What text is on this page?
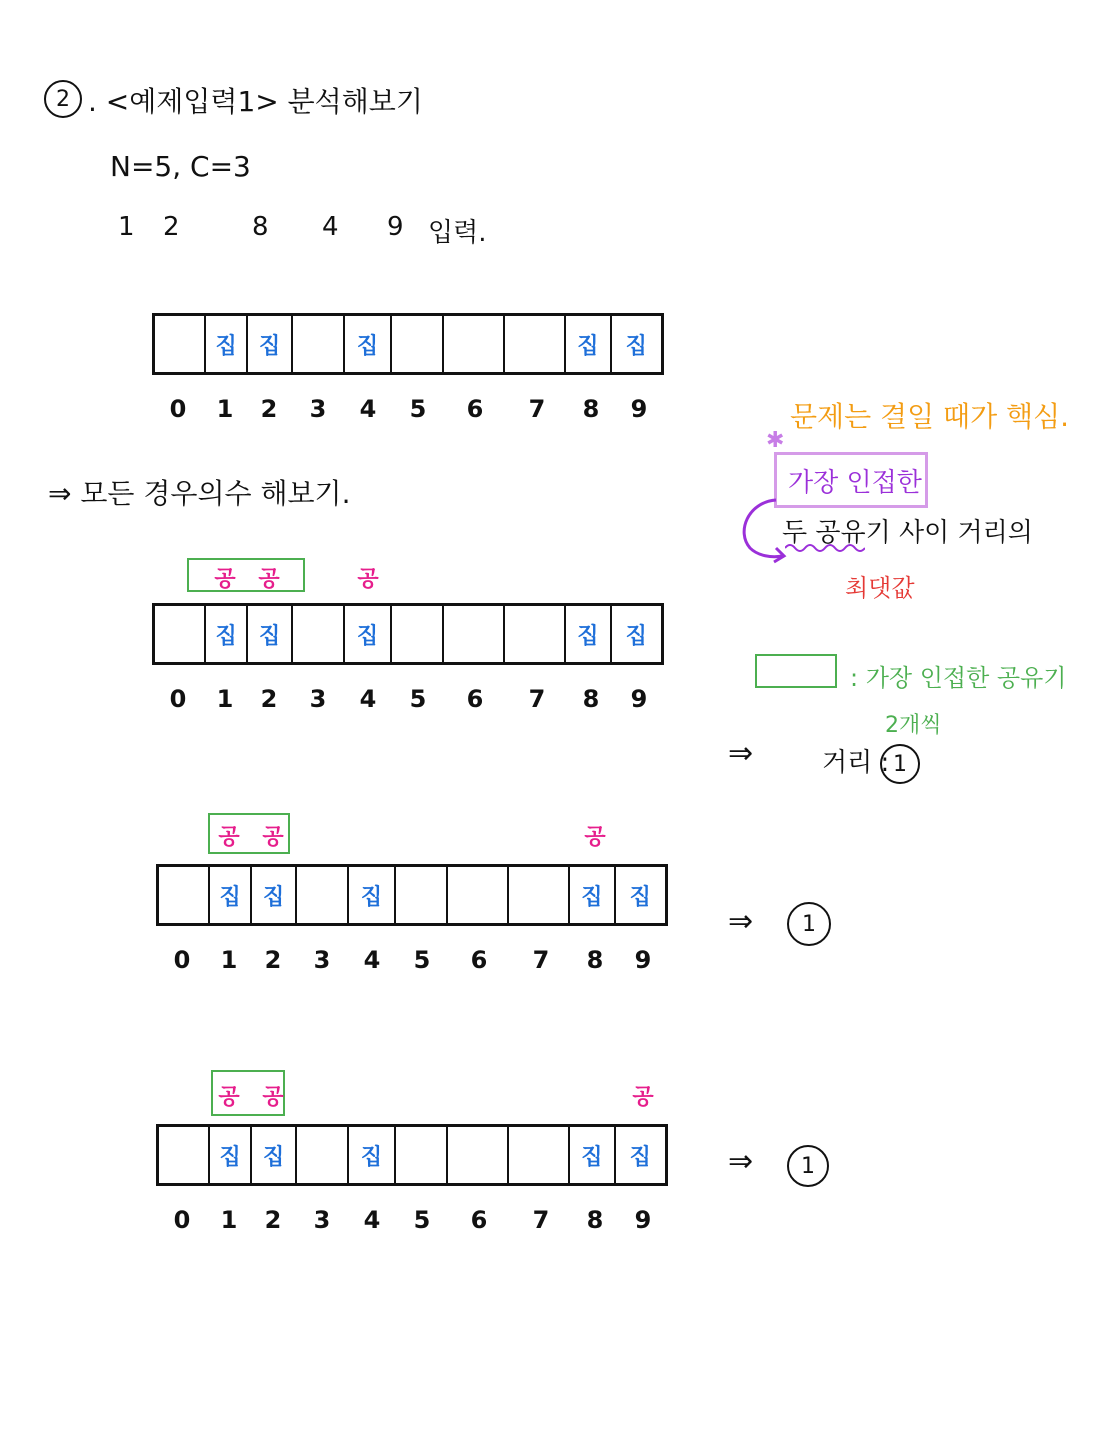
2 . <예제입력1> 분석해보기
N=5, C=3
1 2	8 4 9 입력.
집	집	집	집	집
0 1 2 3 4 5 6 7 8 9
⇒ 모든 경우의수 해보기.
문제는 결일 때가 핵심.
✱
가장 인접한
두 공유기 사이 거리의
최댓값
: 가장 인접한 공유기
2개씩
공 공	공
집	집	집	집	집
0 1 2 3 4 5 6 7 8 9
⇒	거리 : 1
공 공	공
집	집	집	집	집
0 1 2 3 4 5 6 7 8 9
⇒ 1
공 공	공
집	집	집	집	집
0 1 2 3 4 5 6 7 8 9
⇒ 1
